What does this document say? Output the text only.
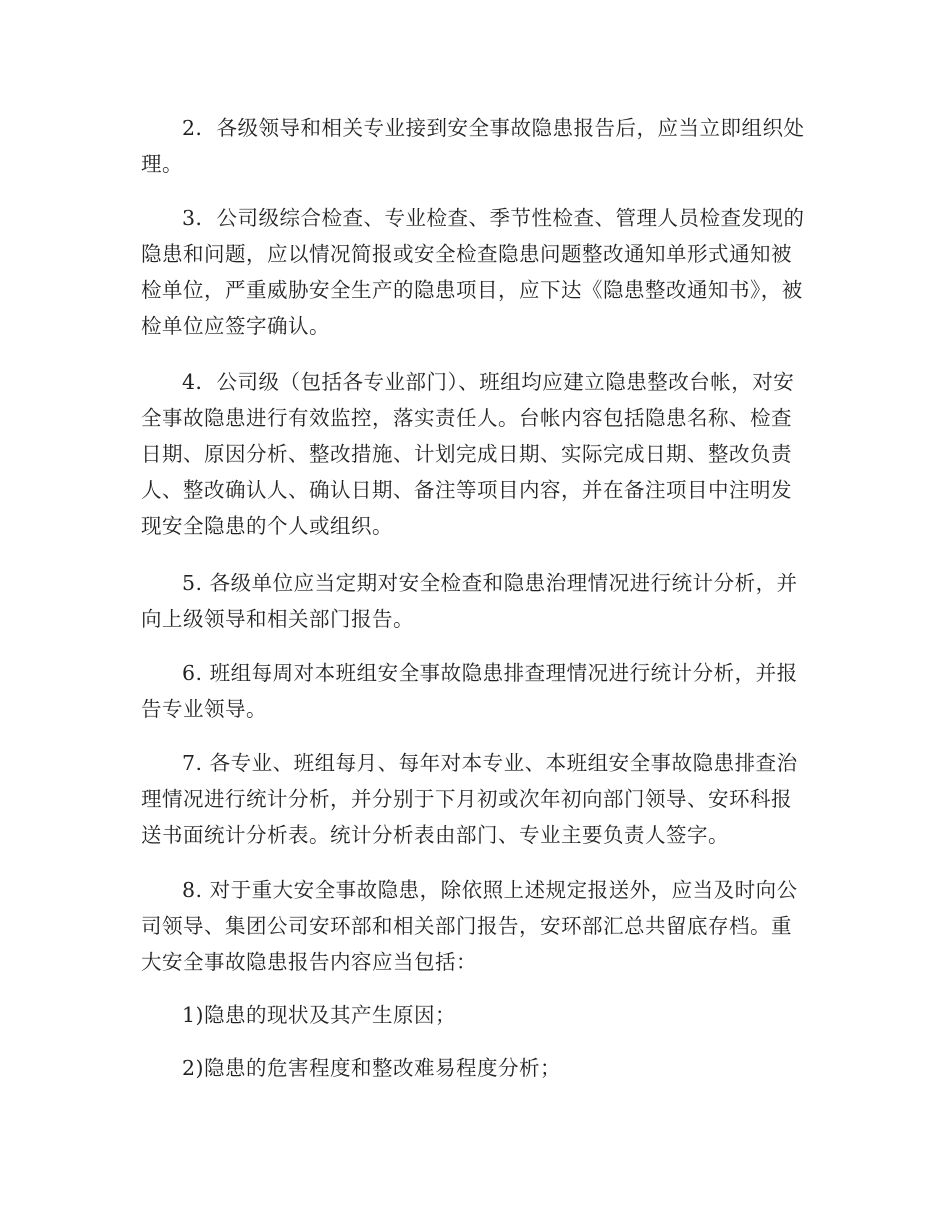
2．各级领导和相关专业接到安全事故隐患报告后，应当立即组织处理。

3．公司级综合检查、专业检查、季节性检查、管理人员检查发现的隐患和问题，应以情况简报或安全检查隐患问题整改通知单形式通知被检单位，严重威胁安全生产的隐患项目，应下达《隐患整改通知书》，被检单位应签字确认。

4．公司级（包括各专业部门）、班组均应建立隐患整改台帐，对安全事故隐患进行有效监控，落实责任人。台帐内容包括隐患名称、检查日期、原因分析、整改措施、计划完成日期、实际完成日期、整改负责人、整改确认人、确认日期、备注等项目内容，并在备注项目中注明发现安全隐患的个人或组织。

5. 各级单位应当定期对安全检查和隐患治理情况进行统计分析，并向上级领导和相关部门报告。

6. 班组每周对本班组安全事故隐患排查理情况进行统计分析，并报告专业领导。

7. 各专业、班组每月、每年对本专业、本班组安全事故隐患排查治理情况进行统计分析，并分别于下月初或次年初向部门领导、安环科报送书面统计分析表。统计分析表由部门、专业主要负责人签字。

8. 对于重大安全事故隐患，除依照上述规定报送外，应当及时向公司领导、集团公司安环部和相关部门报告，安环部汇总共留底存档。重大安全事故隐患报告内容应当包括：

1)隐患的现状及其产生原因；

2)隐患的危害程度和整改难易程度分析；
